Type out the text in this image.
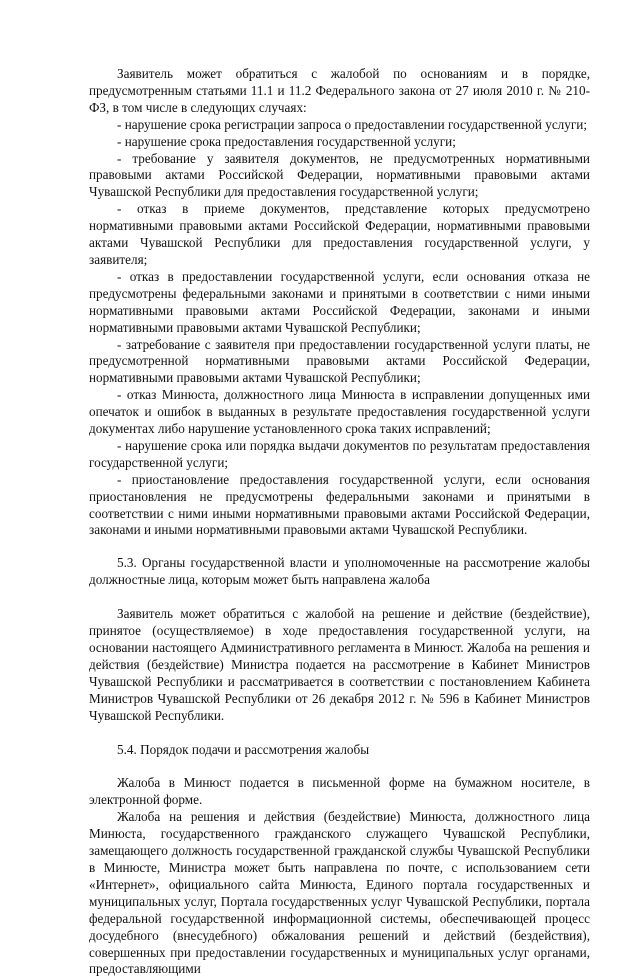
Заявитель может обратиться с жалобой по основаниям и в порядке, предусмотренным статьями 11.1 и 11.2 Федерального закона от 27 июля 2010 г. № 210-ФЗ, в том числе в следующих случаях:

- нарушение срока регистрации запроса о предоставлении государственной услуги;

- нарушение срока предоставления государственной услуги;

- требование у заявителя документов, не предусмотренных нормативными правовыми актами Российской Федерации, нормативными правовыми актами Чувашской Республики для предоставления государственной услуги;

- отказ в приеме документов, представление которых предусмотрено нормативными правовыми актами Российской Федерации, нормативными правовыми актами Чувашской Республики для предоставления государственной услуги, у заявителя;

- отказ в предоставлении государственной услуги, если основания отказа не предусмотрены федеральными законами и принятыми в соответствии с ними иными нормативными правовыми актами Российской Федерации, законами и иными нормативными правовыми актами Чувашской Республики;

- затребование с заявителя при предоставлении государственной услуги платы, не предусмотренной нормативными правовыми актами Российской Федерации, нормативными правовыми актами Чувашской Республики;

- отказ Минюста, должностного лица Минюста в исправлении допущенных ими опечаток и ошибок в выданных в результате предоставления государственной услуги документах либо нарушение установленного срока таких исправлений;

- нарушение срока или порядка выдачи документов по результатам предоставления государственной услуги;

- приостановление предоставления государственной услуги, если основания приостановления не предусмотрены федеральными законами и принятыми в соответствии с ними иными нормативными правовыми актами Российской Федерации, законами и иными нормативными правовыми актами Чувашской Республики.

5.3. Органы государственной власти и уполномоченные на рассмотрение жалобы должностные лица, которым может быть направлена жалоба

Заявитель может обратиться с жалобой на решение и действие (бездействие), принятое (осуществляемое) в ходе предоставления государственной услуги, на основании настоящего Административного регламента в Минюст. Жалоба на решения и действия (бездействие) Министра подается на рассмотрение в Кабинет Министров Чувашской Республики и рассматривается в соответствии с постановлением Кабинета Министров Чувашской Республики от 26 декабря 2012 г. № 596 в Кабинет Министров Чувашской Республики.

5.4. Порядок подачи и рассмотрения жалобы

Жалоба в Минюст подается в письменной форме на бумажном носителе, в электронной форме.

Жалоба на решения и действия (бездействие) Минюста, должностного лица Минюста, государственного гражданского служащего Чувашской Республики, замещающего должность государственной гражданской службы Чувашской Республики в Минюсте, Министра может быть направлена по почте, с использованием сети «Интернет», официального сайта Минюста, Единого портала государственных и муниципальных услуг, Портала государственных услуг Чувашской Республики, портала федеральной государственной информационной системы, обеспечивающей процесс досудебного (внесудебного) обжалования решений и действий (бездействия), совершенных при предоставлении государственных и муниципальных услуг органами, предоставляющими
